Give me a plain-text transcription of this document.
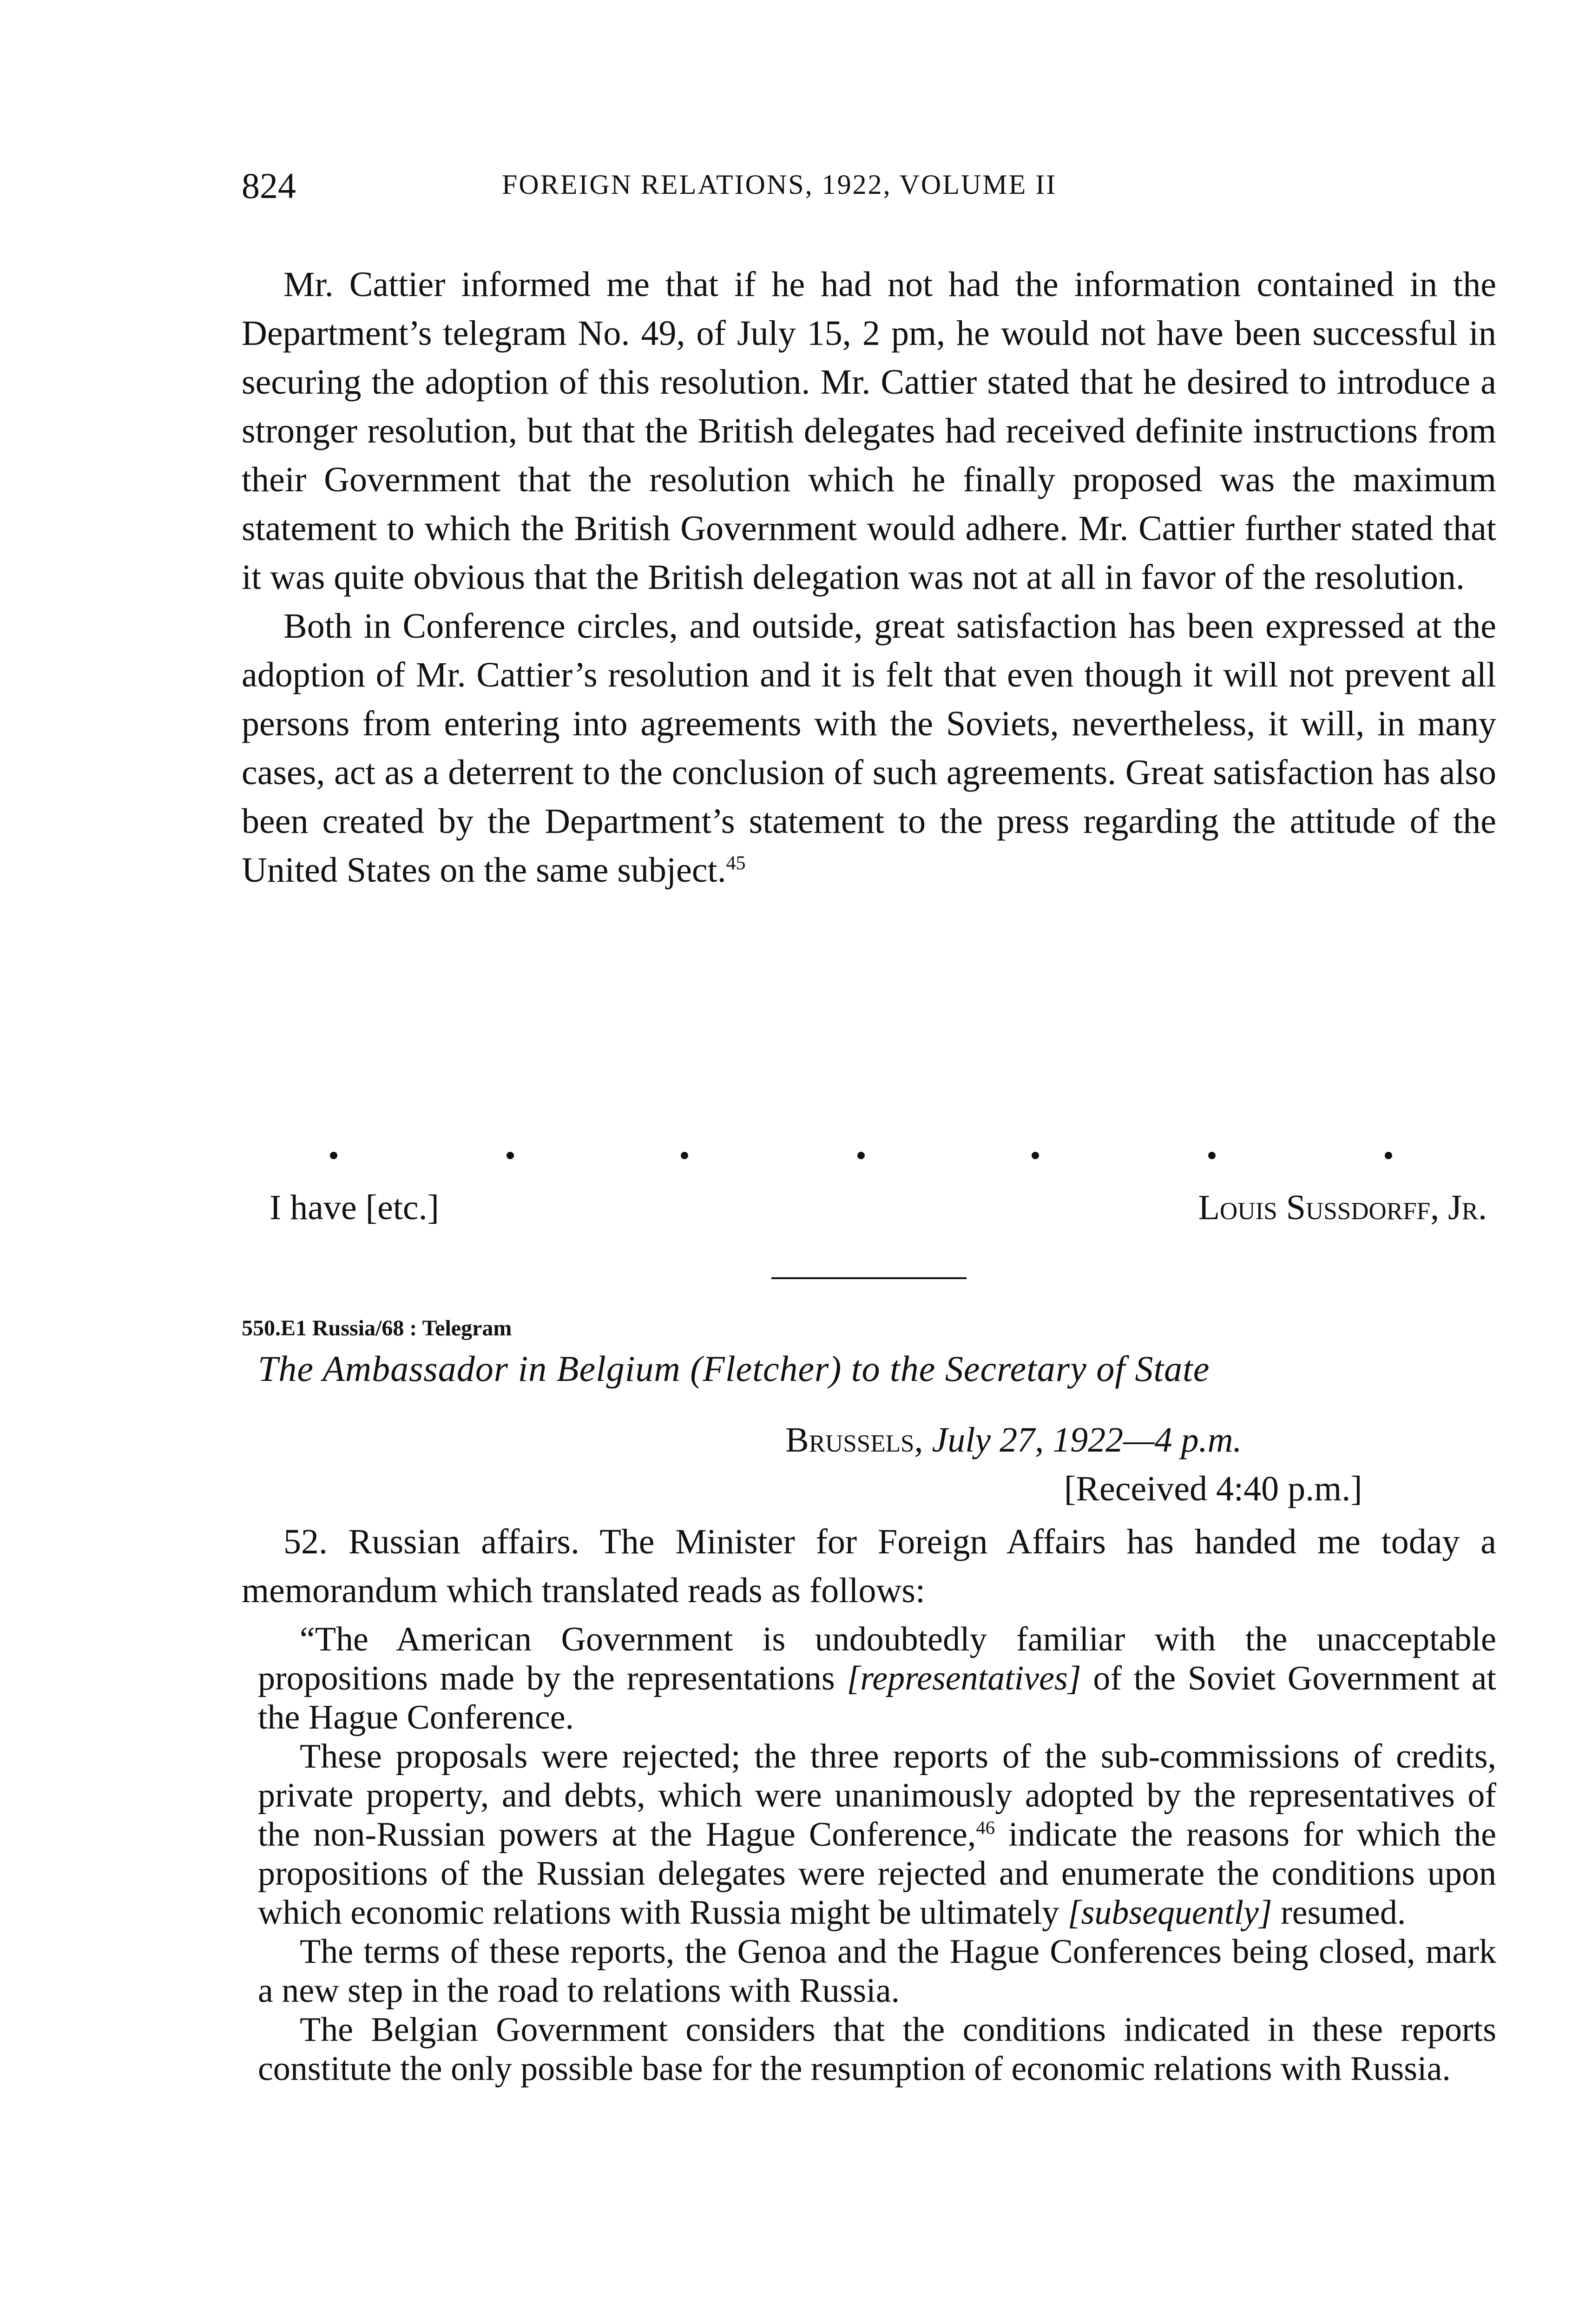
824	FOREIGN RELATIONS, 1922, VOLUME II

Mr. Cattier informed me that if he had not had the information contained in the Department’s telegram No. 49, of July 15, 2 pm, he would not have been successful in securing the adoption of this resolution. Mr. Cattier stated that he desired to introduce a stronger resolution, but that the British delegates had received definite instructions from their Government that the resolution which he finally proposed was the maximum statement to which the British Government would adhere. Mr. Cattier further stated that it was quite obvious that the British delegation was not at all in favor of the resolution.

Both in Conference circles, and outside, great satisfaction has been expressed at the adoption of Mr. Cattier’s resolution and it is felt that even though it will not prevent all persons from entering into agreements with the Soviets, nevertheless, it will, in many cases, act as a deterrent to the conclusion of such agreements. Great satisfaction has also been created by the Department’s statement to the press regarding the attitude of the United States on the same subject.$^{45}$

I have [etc.]	Louis Sussdorff, Jr.
550.E1 Russia/68 : Telegram
The Ambassador in Belgium (Fletcher) to the Secretary of State
Brussels, July 27, 1922—4 p.m.
[Received 4:40 p.m.]

52. Russian affairs. The Minister for Foreign Affairs has handed me today a memorandum which translated reads as follows:

“The American Government is undoubtedly familiar with the unacceptable propositions made by the representations [representatives] of the Soviet Government at the Hague Conference.

These proposals were rejected; the three reports of the sub-commissions of credits, private property, and debts, which were unanimously adopted by the representatives of the non-Russian powers at the Hague Conference,$^{46}$ indicate the reasons for which the propositions of the Russian delegates were rejected and enumerate the conditions upon which economic relations with Russia might be ultimately [subsequently] resumed.

The terms of these reports, the Genoa and the Hague Conferences being closed, mark a new step in the road to relations with Russia.

The Belgian Government considers that the conditions indicated in these reports constitute the only possible base for the resumption of economic relations with Russia.
